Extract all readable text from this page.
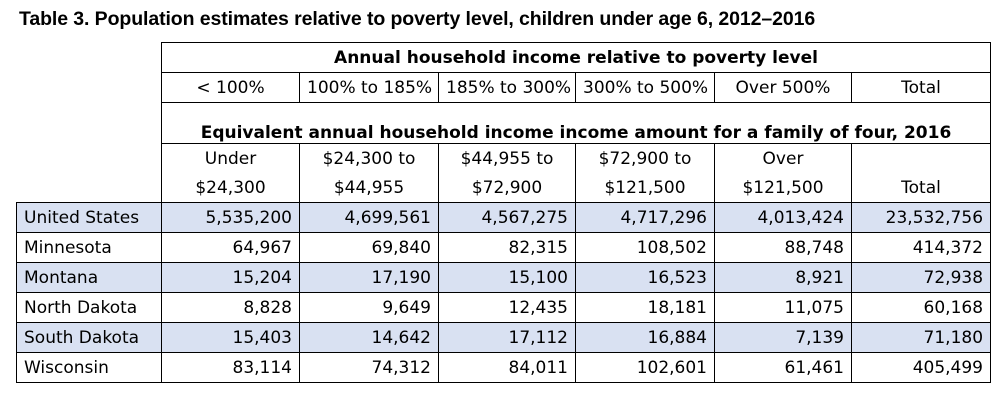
Table 3. Population estimates relative to poverty level, children under age 6, 2012–2016
	Annual household income relative to poverty level					
	< 100%	100% to 185%	185% to 300%	300% to 500%	Over 500%	Total
	Equivalent annual household income income amount for a family of four, 2016					
	Under	$24,300 to	$44,955 to	$72,900 to	Over	
	$24,300	$44,955	$72,900	$121,500	$121,500	Total
United States	5,535,200	4,699,561	4,567,275	4,717,296	4,013,424	23,532,756
Minnesota	64,967	69,840	82,315	108,502	88,748	414,372
Montana	15,204	17,190	15,100	16,523	8,921	72,938
North Dakota	8,828	9,649	12,435	18,181	11,075	60,168
South Dakota	15,403	14,642	17,112	16,884	7,139	71,180
Wisconsin	83,114	74,312	84,011	102,601	61,461	405,499
